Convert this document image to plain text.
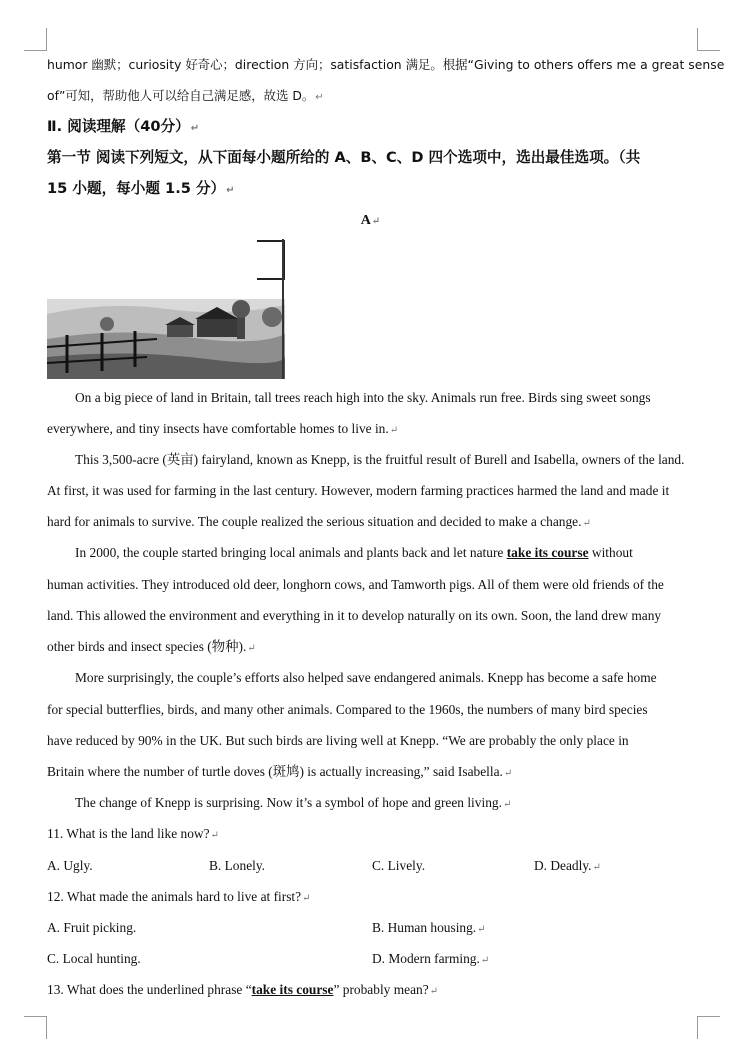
humor 幽默；curiosity 好奇心；direction 方向；satisfaction 满足。根据“Giving to others offers me a great sense
of”可知，帮助他人可以给自己满足感，故选 D。↵
Ⅱ. 阅读理解（40分）↵
第一节 阅读下列短文，从下面每小题所给的 A、B、C、D 四个选项中，选出最佳选项。（共
15 小题，每小题 1.5 分）↵
A↵
On a big piece of land in Britain, tall trees reach high into the sky. Animals run free. Birds sing sweet songs
everywhere, and tiny insects have comfortable homes to live in.↵
This 3,500-acre (英亩) fairyland, known as Knepp, is the fruitful result of Burell and Isabella, owners of the land.
At first, it was used for farming in the last century. However, modern farming practices harmed the land and made it
hard for animals to survive. The couple realized the serious situation and decided to make a change.↵
In 2000, the couple started bringing local animals and plants back and let nature take its course without
human activities. They introduced old deer, longhorn cows, and Tamworth pigs. All of them were old friends of the
land. This allowed the environment and everything in it to develop naturally on its own. Soon, the land drew many
other birds and insect species (物种).↵
More surprisingly, the couple’s efforts also helped save endangered animals. Knepp has become a safe home
for special butterflies, birds, and many other animals. Compared to the 1960s, the numbers of many bird species
have reduced by 90% in the UK. But such birds are living well at Knepp. “We are probably the only place in
Britain where the number of turtle doves (斑鸠) is actually increasing,” said Isabella.↵
The change of Knepp is surprising. Now it’s a symbol of hope and green living.↵
11. What is the land like now?↵
A. Ugly.	B. Lonely.	C. Lively.	D. Deadly.↵
12. What made the animals hard to live at first?↵
A. Fruit picking.	B. Human housing.↵
C. Local hunting.	D. Modern farming.↵
13. What does the underlined phrase “take its course” probably mean?↵
